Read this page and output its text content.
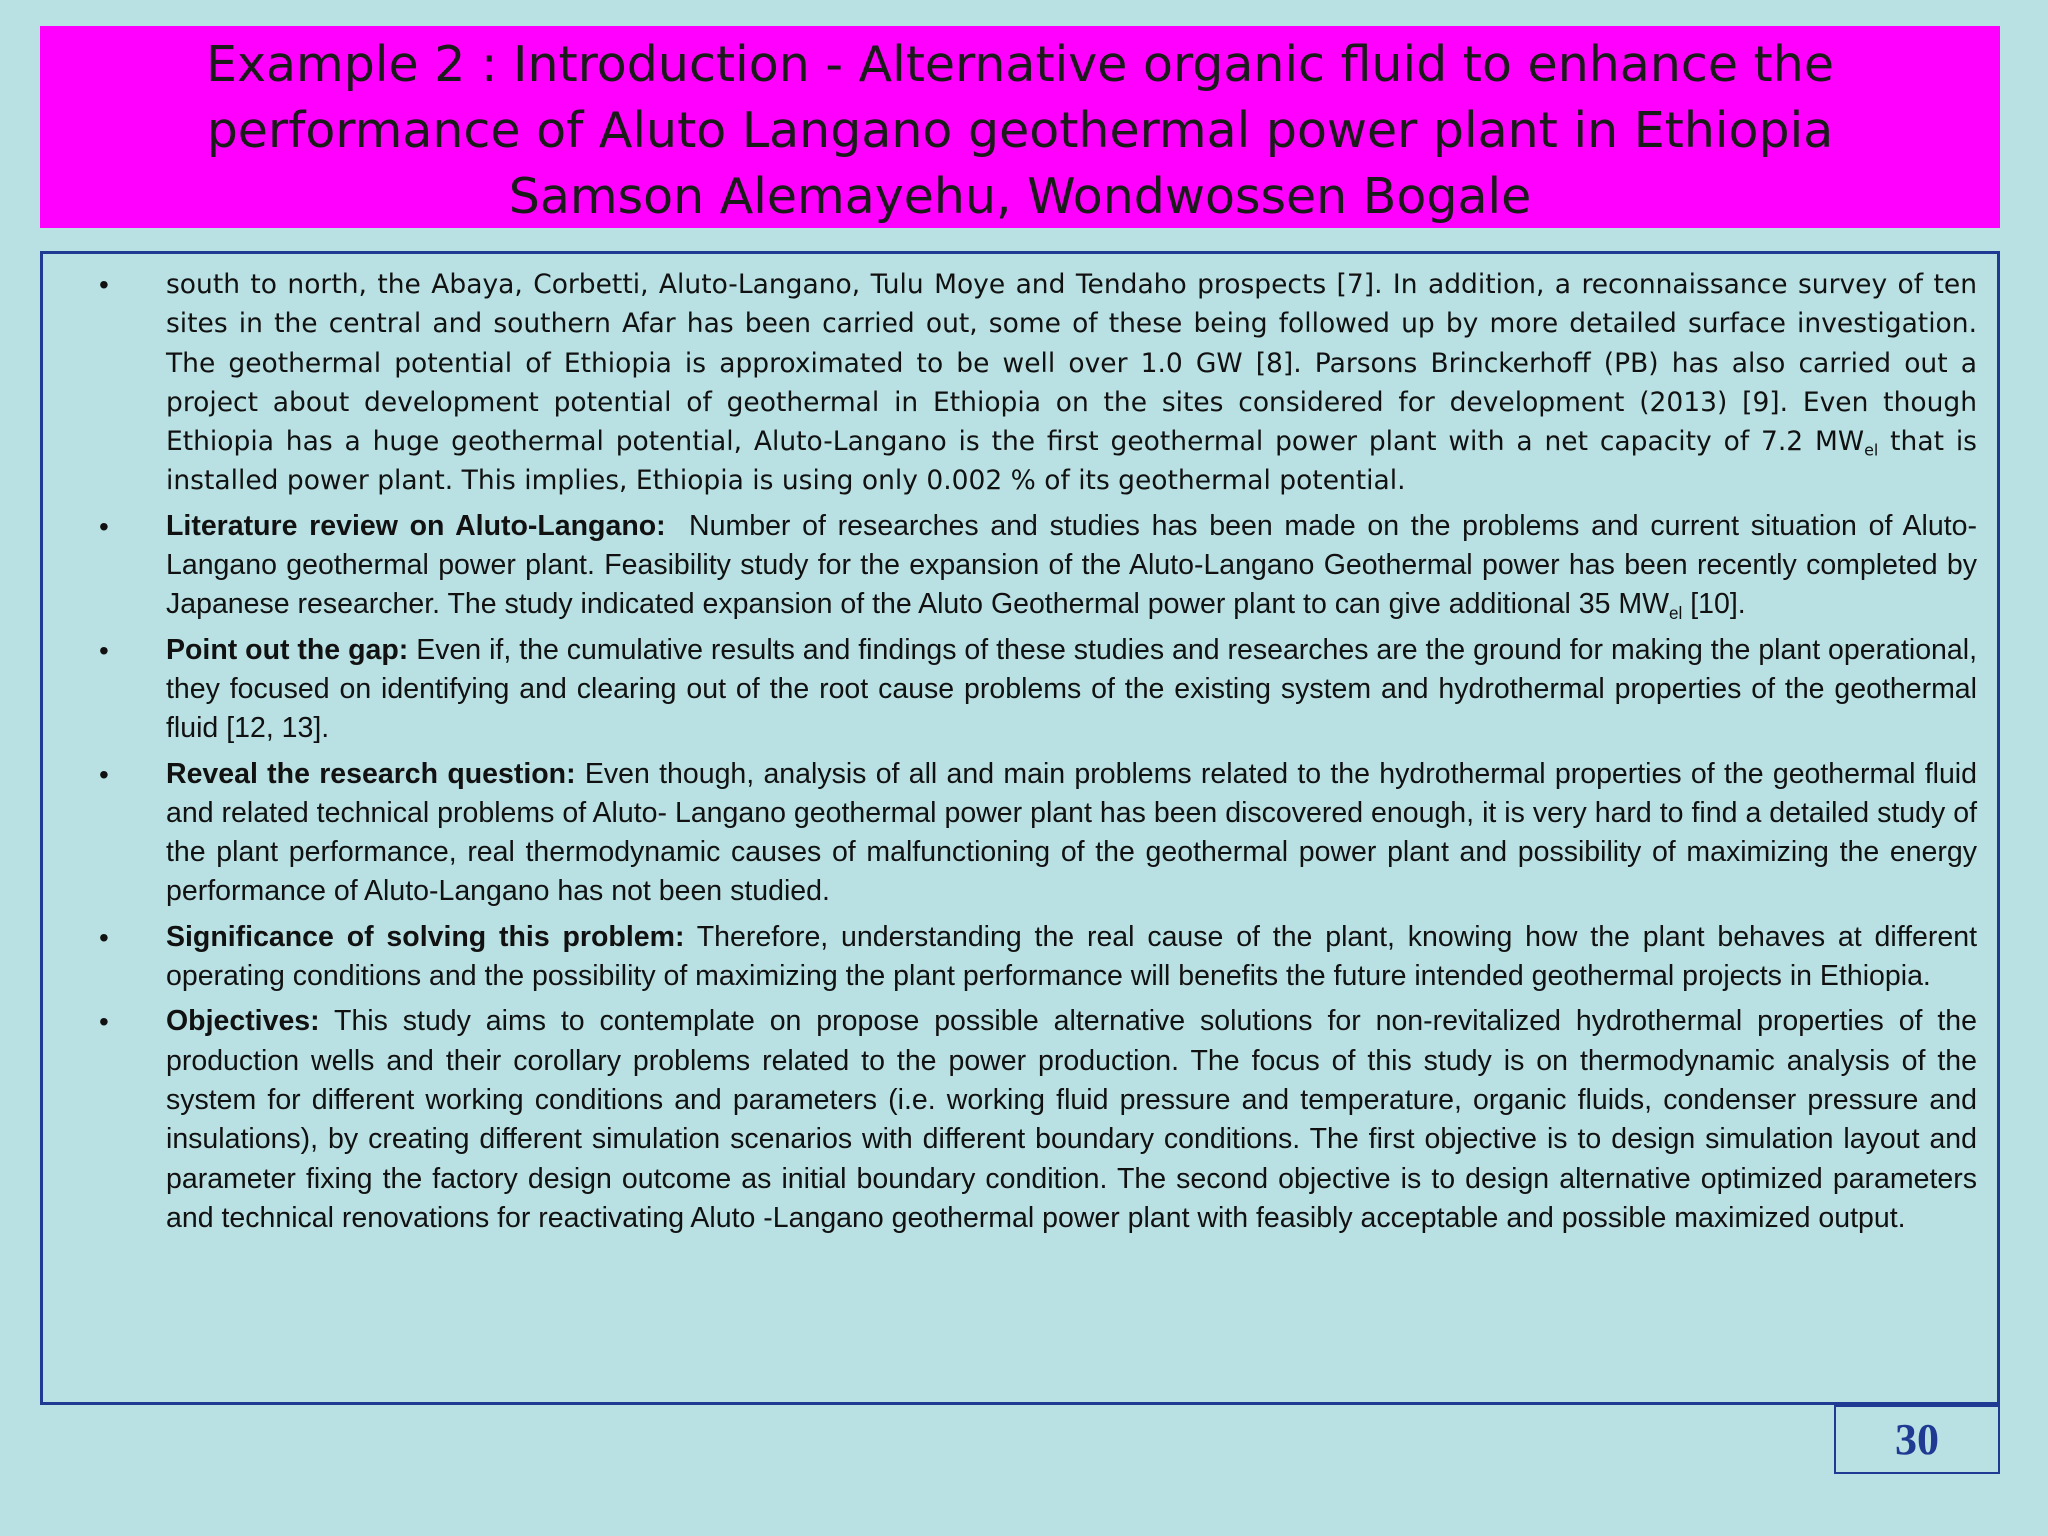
Example 2 : Introduction - Alternative organic fluid to enhance the
performance of Aluto Langano geothermal power plant in Ethiopia
Samson Alemayehu, Wondwossen Bogale
• south to north, the Abaya, Corbetti, Aluto-Langano, Tulu Moye and Tendaho prospects [7]. In addition, a reconnaissance survey of ten sites in the central and southern Afar has been carried out, some of these being followed up by more detailed surface investigation. The geothermal potential of Ethiopia is approximated to be well over 1.0 GW [8]. Parsons Brinckerhoff (PB) has also carried out a project about development potential of geothermal in Ethiopia on the sites considered for development (2013) [9]. Even though Ethiopia has a huge geothermal potential, Aluto-Langano is the first geothermal power plant with a net capacity of 7.2 $MW_{el}$ that is installed power plant. This implies, Ethiopia is using only 0.002 % of its geothermal potential.
• Literature review on Aluto-Langano:  Number of researches and studies has been made on the problems and current situation of Aluto-Langano geothermal power plant. Feasibility study for the expansion of the Aluto-Langano Geothermal power has been recently completed by Japanese researcher. The study indicated expansion of the Aluto Geothermal power plant to can give additional 35 $MW_{el}$ [10].
• Point out the gap: Even if, the cumulative results and findings of these studies and researches are the ground for making the plant operational, they focused on identifying and clearing out of the root cause problems of the existing system and hydrothermal properties of the geothermal fluid [12, 13].
• Reveal the research question: Even though, analysis of all and main problems related to the hydrothermal properties of the geothermal fluid and related technical problems of Aluto- Langano geothermal power plant has been discovered enough, it is very hard to find a detailed study of the plant performance, real thermodynamic causes of malfunctioning of the geothermal power plant and possibility of maximizing the energy performance of Aluto-Langano has not been studied.
• Significance of solving this problem: Therefore, understanding the real cause of the plant, knowing how the plant behaves at different operating conditions and the possibility of maximizing the plant performance will benefits the future intended geothermal projects in Ethiopia.
• Objectives: This study aims to contemplate on propose possible alternative solutions for non-revitalized hydrothermal properties of the production wells and their corollary problems related to the power production. The focus of this study is on thermodynamic analysis of the system for different working conditions and parameters (i.e. working fluid pressure and temperature, organic fluids, condenser pressure and insulations), by creating different simulation scenarios with different boundary conditions. The first objective is to design simulation layout and parameter fixing the factory design outcome as initial boundary condition. The second objective is to design alternative optimized parameters and technical renovations for reactivating Aluto -Langano geothermal power plant with feasibly acceptable and possible maximized output.
30
